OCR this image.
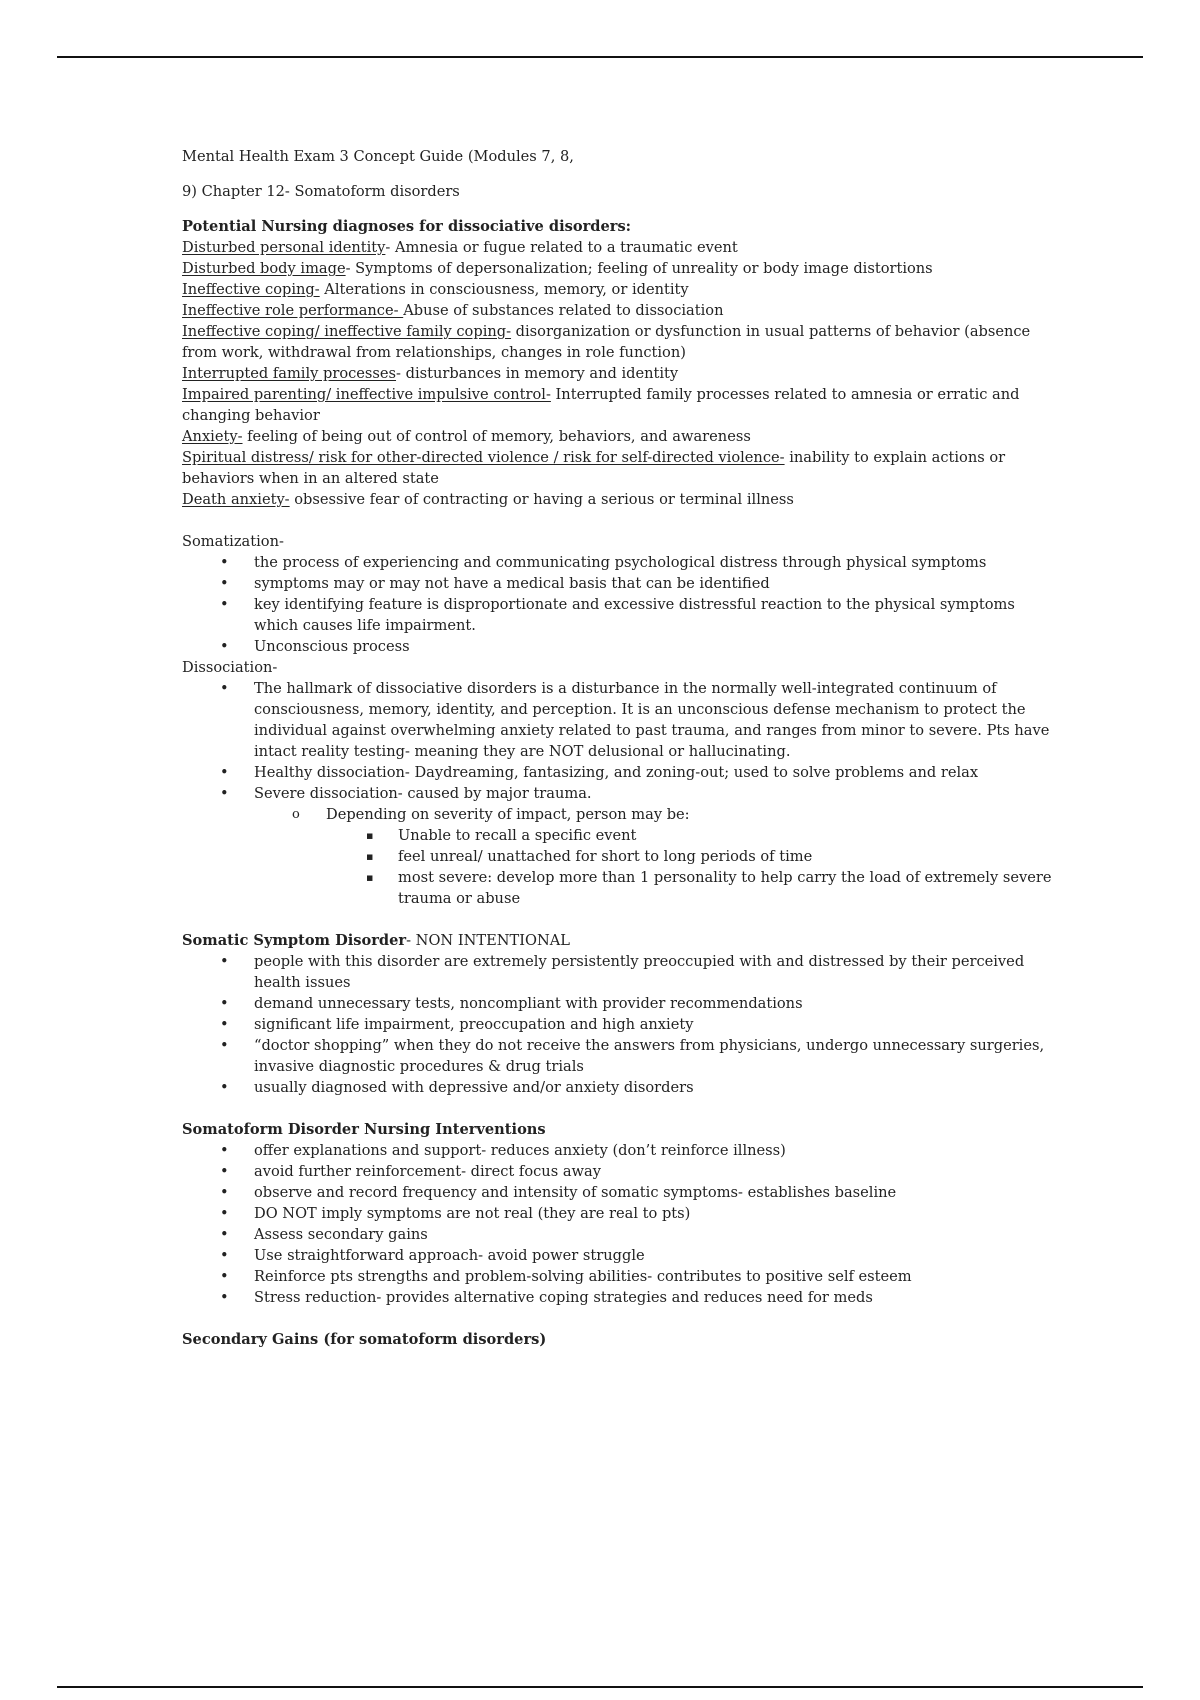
Mental Health Exam 3 Concept Guide (Modules 7, 8,

9) Chapter 12- Somatoform disorders

Potential Nursing diagnoses for dissociative disorders:

Disturbed personal identity- Amnesia or fugue related to a traumatic event

Disturbed body image- Symptoms of depersonalization; feeling of unreality or body image distortions

Ineffective coping- Alterations in consciousness, memory, or identity

Ineffective role performance- Abuse of substances related to dissociation

Ineffective coping/ ineffective family coping- disorganization or dysfunction in usual patterns of behavior (absence from work, withdrawal from relationships, changes in role function)

Interrupted family processes- disturbances in memory and identity

Impaired parenting/ ineffective impulsive control- Interrupted family processes related to amnesia or erratic and changing behavior

Anxiety- feeling of being out of control of memory, behaviors, and awareness

Spiritual distress/ risk for other-directed violence / risk for self-directed violence- inability to explain actions or behaviors when in an altered state

Death anxiety- obsessive fear of contracting or having a serious or terminal illness

Somatization-

• the process of experiencing and communicating psychological distress through physical symptoms
• symptoms may or may not have a medical basis that can be identified
• key identifying feature is disproportionate and excessive distressful reaction to the physical symptoms which causes life impairment.
• Unconscious process

Dissociation-

• The hallmark of dissociative disorders is a disturbance in the normally well-integrated continuum of consciousness, memory, identity, and perception. It is an unconscious defense mechanism to protect the individual against overwhelming anxiety related to past trauma, and ranges from minor to severe. Pts have intact reality testing- meaning they are NOT delusional or hallucinating.
• Healthy dissociation- Daydreaming, fantasizing, and zoning-out; used to solve problems and relax
• Severe dissociation- caused by major trauma.
o Depending on severity of impact, person may be:
▪ Unable to recall a specific event
▪ feel unreal/ unattached for short to long periods of time
▪ most severe: develop more than 1 personality to help carry the load of extremely severe trauma or abuse

Somatic Symptom Disorder- NON INTENTIONAL

• people with this disorder are extremely persistently preoccupied with and distressed by their perceived health issues
• demand unnecessary tests, noncompliant with provider recommendations
• significant life impairment, preoccupation and high anxiety
• “doctor shopping” when they do not receive the answers from physicians, undergo unnecessary surgeries, invasive diagnostic procedures & drug trials
• usually diagnosed with depressive and/or anxiety disorders

Somatoform Disorder Nursing Interventions

• offer explanations and support- reduces anxiety (don’t reinforce illness)
• avoid further reinforcement- direct focus away
• observe and record frequency and intensity of somatic symptoms- establishes baseline
• DO NOT imply symptoms are not real (they are real to pts)
• Assess secondary gains
• Use straightforward approach- avoid power struggle
• Reinforce pts strengths and problem-solving abilities- contributes to positive self esteem
• Stress reduction- provides alternative coping strategies and reduces need for meds

Secondary Gains (for somatoform disorders)
